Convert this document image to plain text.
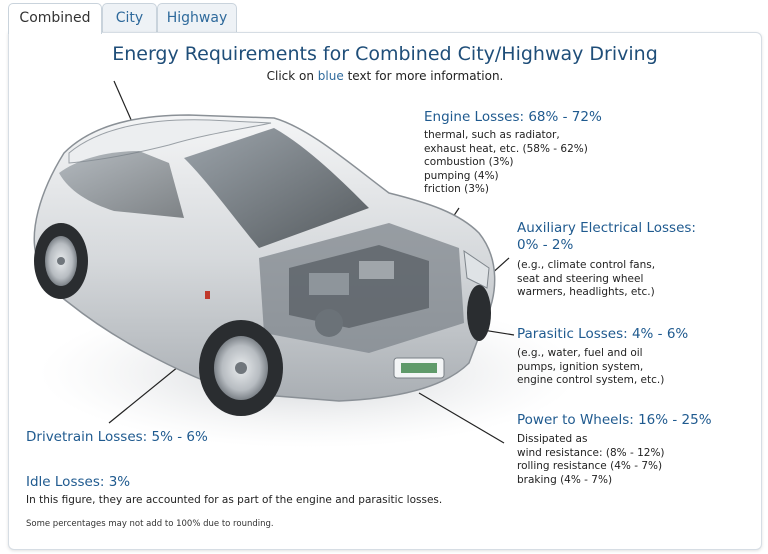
Combined	City	Highway
Energy Requirements for Combined City/Highway Driving
Click on blue text for more information.
Engine Losses: 68% - 72%
thermal, such as radiator,
exhaust heat, etc. (58% - 62%)
combustion (3%)
pumping (4%)
friction (3%)
Auxiliary Electrical Losses:
0% - 2%
(e.g., climate control fans,
seat and steering wheel
warmers, headlights, etc.)
Parasitic Losses: 4% - 6%
(e.g., water, fuel and oil
pumps, ignition system,
engine control system, etc.)
Power to Wheels: 16% - 25%
Dissipated as
wind resistance: (8% - 12%)
rolling resistance (4% - 7%)
braking (4% - 7%)
Drivetrain Losses: 5% - 6%
Idle Losses: 3%
In this figure, they are accounted for as part of the engine and parasitic losses.
Some percentages may not add to 100% due to rounding.
